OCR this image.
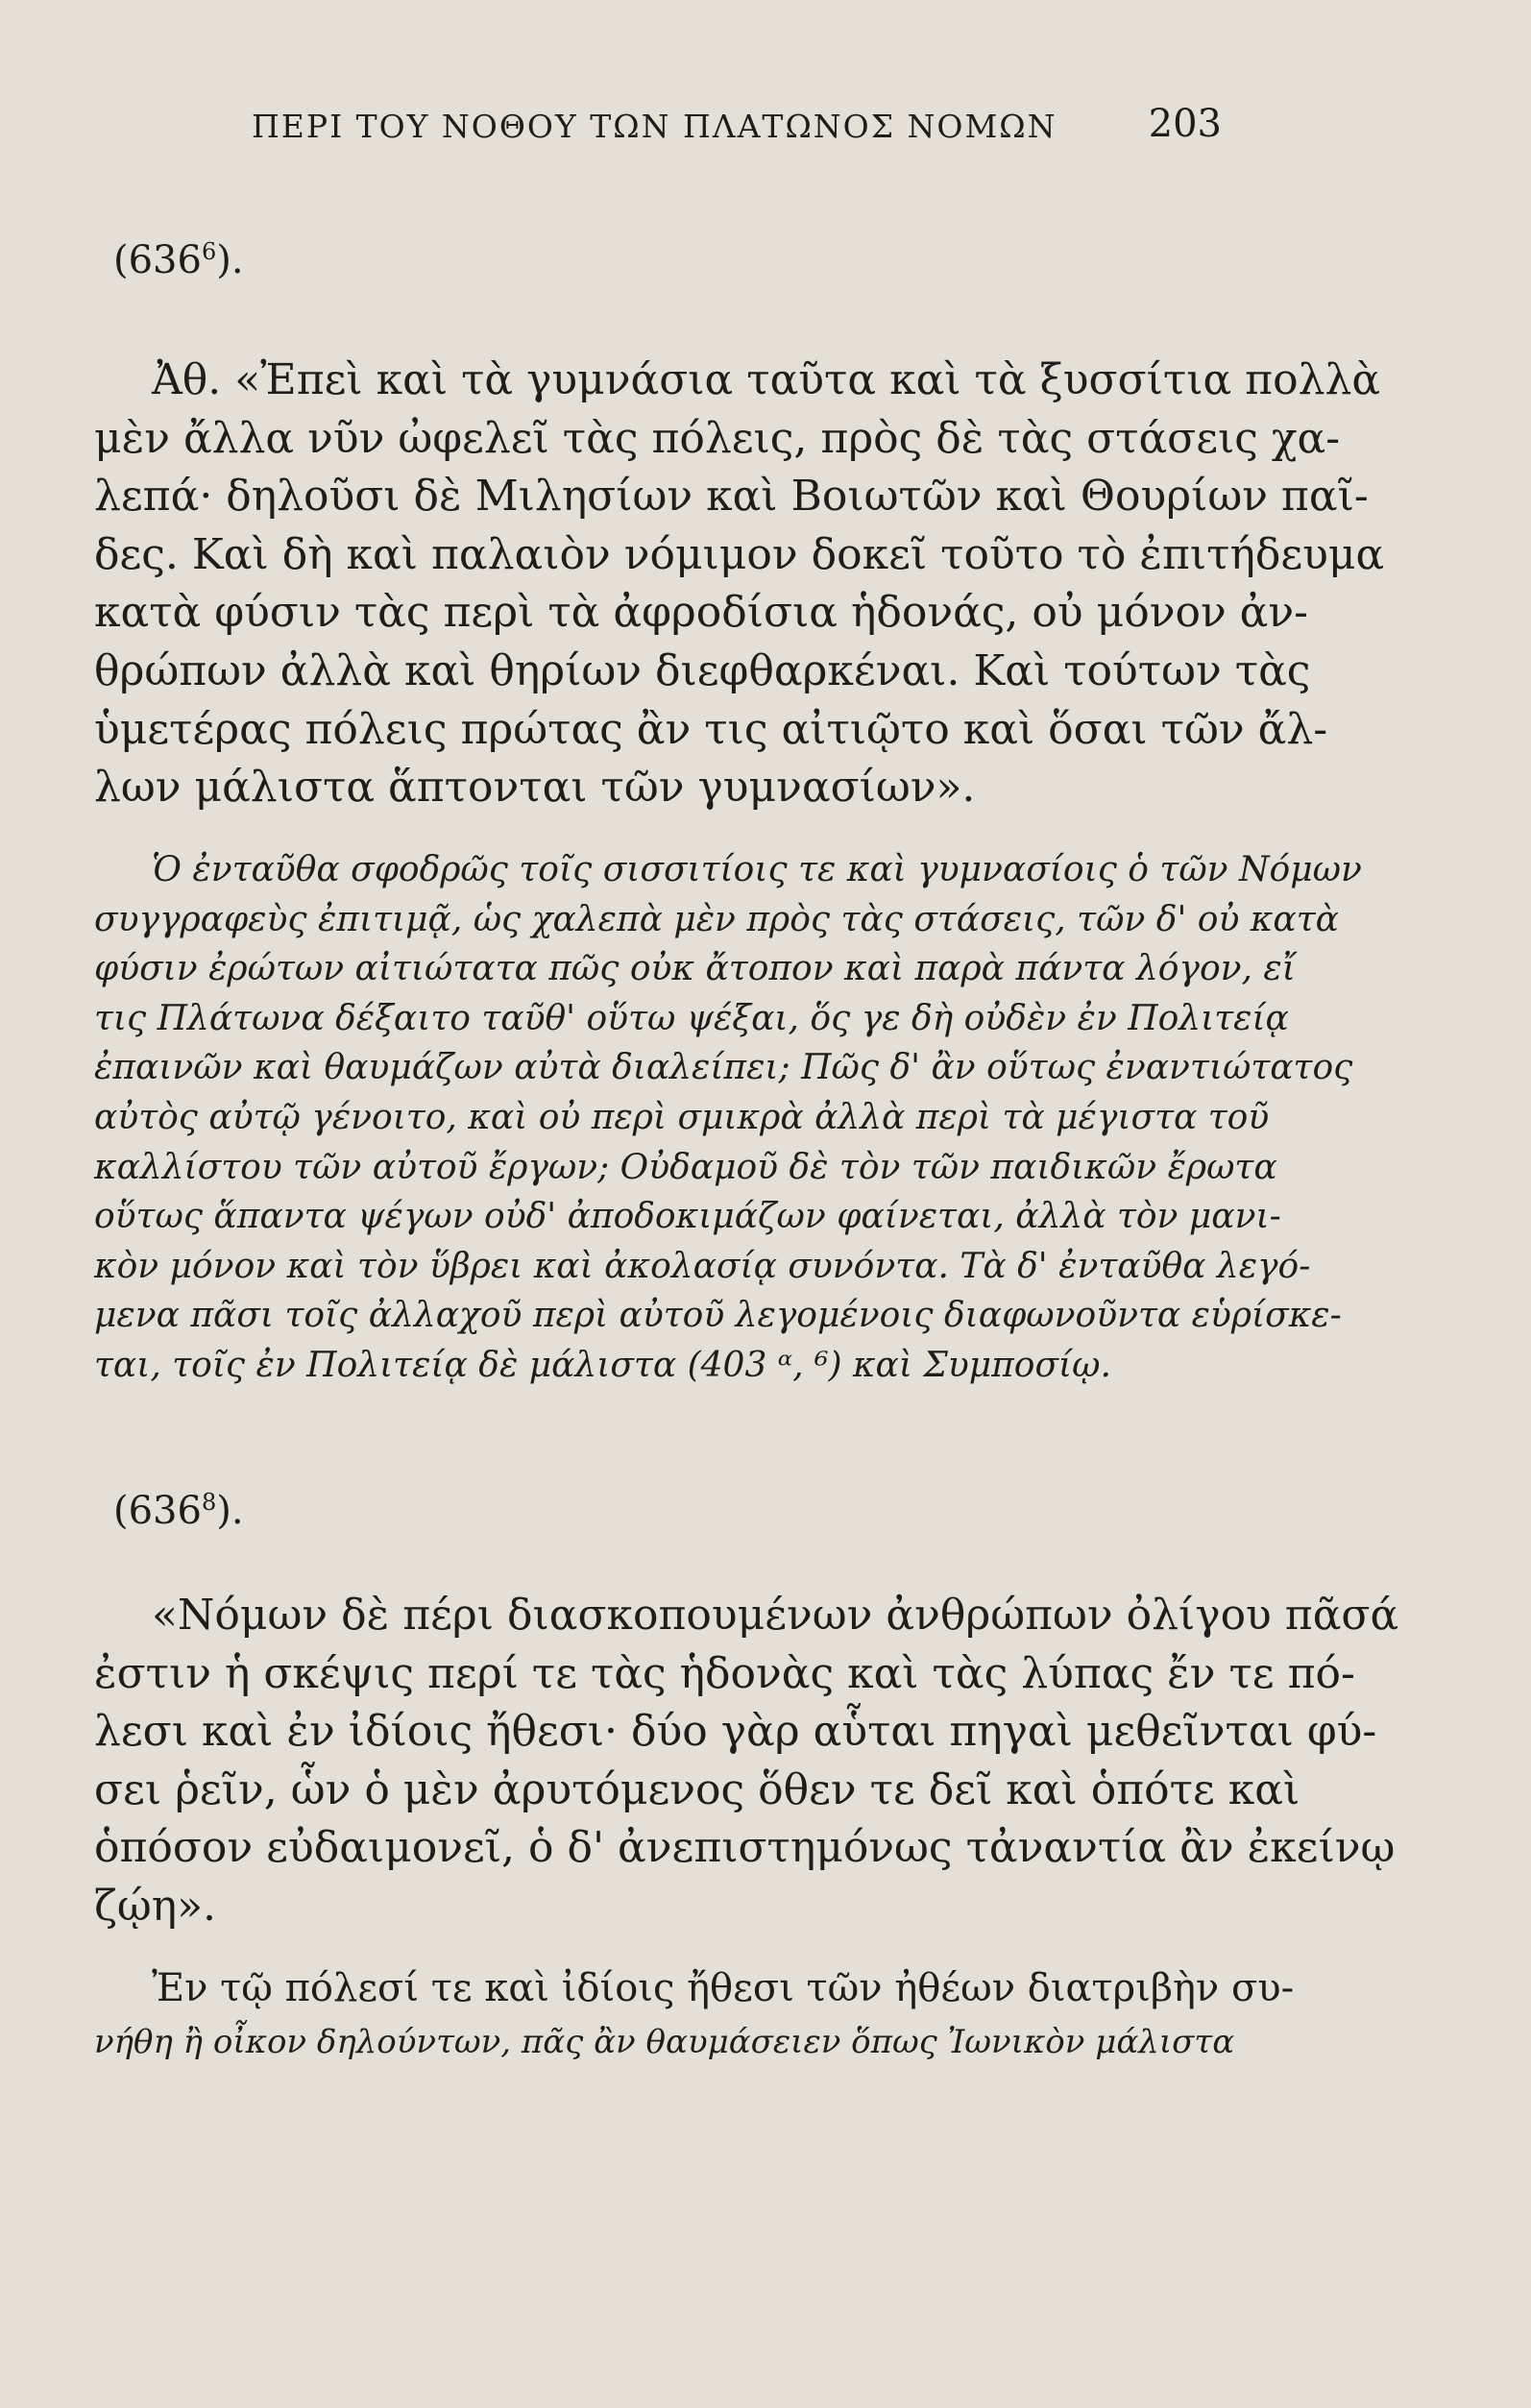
ΠΕΡΙ ΤΟΥ ΝΟΘΟΥ ΤΩΝ ΠΛΑΤΩΝΟΣ ΝΟΜΩΝ 203
$(636^6)$.
Ἀθ. «Ἐπεὶ καὶ τὰ γυμνάσια ταῦτα καὶ τὰ ξυσσίτια πολλὰ
μὲν ἄλλα νῦν ὠφελεῖ τὰς πόλεις, πρὸς δὲ τὰς στάσεις χα-
λεπά· δηλοῦσι δὲ Μιλησίων καὶ Βοιωτῶν καὶ Θουρίων παῖ-
δες. Καὶ δὴ καὶ παλαιὸν νόμιμον δοκεῖ τοῦτο τὸ ἐπιτήδευμα
κατὰ φύσιν τὰς περὶ τὰ ἀφροδίσια ἡδονάς, οὐ μόνον ἀν-
θρώπων ἀλλὰ καὶ θηρίων διεφθαρκέναι. Καὶ τούτων τὰς
ὑμετέρας πόλεις πρώτας ἂν τις αἰτιῷτο καὶ ὅσαι τῶν ἄλ-
λων μάλιστα ἅπτονται τῶν γυμνασίων».
Ὁ ἐνταῦθα σφοδρῶς τοῖς σισσιτίοις τε καὶ γυμνασίοις ὁ τῶν Νόμων
συγγραφεὺς ἐπιτιμᾷ, ὡς χαλεπὰ μὲν πρὸς τὰς στάσεις, τῶν δ' οὐ κατὰ
φύσιν ἐρώτων αἰτιώτατα πῶς οὐκ ἄτοπον καὶ παρὰ πάντα λόγον, εἴ
τις Πλάτωνα δέξαιτο ταῦθ' οὕτω ψέξαι, ὅς γε δὴ οὐδὲν ἐν Πολιτείᾳ
ἐπαινῶν καὶ θαυμάζων αὐτὰ διαλείπει; Πῶς δ' ἂν οὕτως ἐναντιώτατος
αὐτὸς αὐτῷ γένοιτο, καὶ οὐ περὶ σμικρὰ ἀλλὰ περὶ τὰ μέγιστα τοῦ
καλλίστου τῶν αὐτοῦ ἔργων; Οὐδαμοῦ δὲ τὸν τῶν παιδικῶν ἔρωτα
οὕτως ἅπαντα ψέγων οὐδ' ἀποδοκιμάζων φαίνεται, ἀλλὰ τὸν μανι-
κὸν μόνον καὶ τὸν ὕβρει καὶ ἀκολασίᾳ συνόντα. Τὰ δ' ἐνταῦθα λεγό-
μενα πᾶσι τοῖς ἀλλαχοῦ περὶ αὐτοῦ λεγομένοις διαφωνοῦντα εὑρίσκε-
ται, τοῖς ἐν Πολιτείᾳ δὲ μάλιστα (403 ᵅ, ⁶) καὶ Συμποσίῳ.
$(636^8)$.
«Νόμων δὲ πέρι διασκοπουμένων ἀνθρώπων ὀλίγου πᾶσά
ἐστιν ἡ σκέψις περί τε τὰς ἡδονὰς καὶ τὰς λύπας ἔν τε πό-
λεσι καὶ ἐν ἰδίοις ἤθεσι· δύο γὰρ αὗται πηγαὶ μεθεῖνται φύ-
σει ῥεῖν, ὧν ὁ μὲν ἀρυτόμενος ὅθεν τε δεῖ καὶ ὁπότε καὶ
ὁπόσον εὐδαιμονεῖ, ὁ δ' ἀνεπιστημόνως τἀναντία ἂν ἐκείνῳ
ζῴη».
Ἐν τῷ πόλεσί τε καὶ ἰδίοις ἤθεσι τῶν ἠθέων διατριβὴν συ-
νήθη ἢ οἶκον δηλούντων, πᾶς ἂν θαυμάσειεν ὅπως Ἰωνικὸν μάλιστα
